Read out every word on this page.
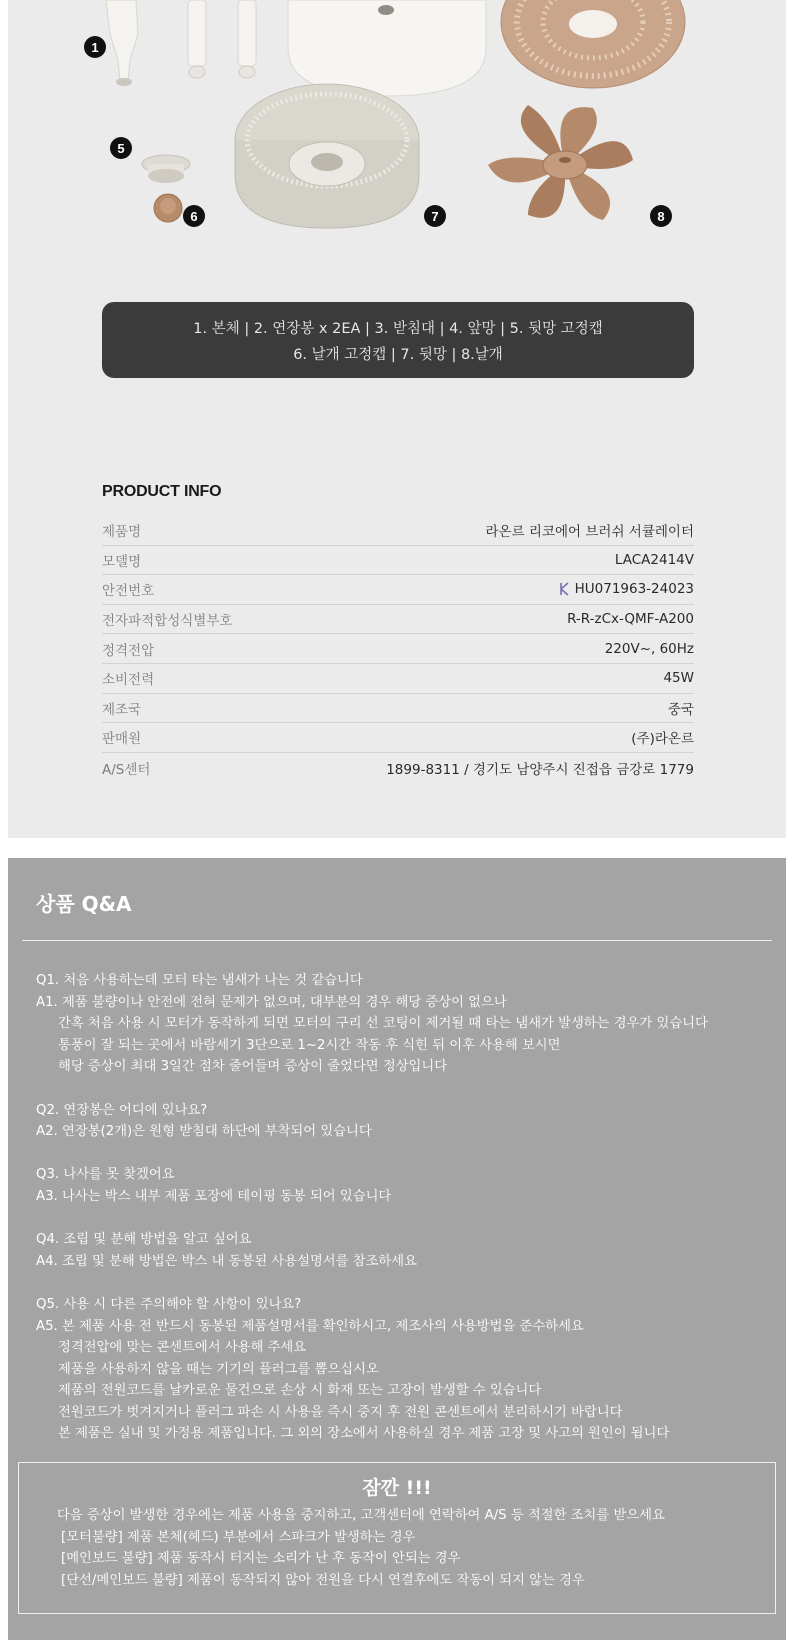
1
5
6	7	8
1. 본체 | 2. 연장봉 x 2EA | 3. 받침대 | 4. 앞망 | 5. 뒷망 고정캡
6. 날개 고정캡 | 7. 뒷망 | 8.날개
PRODUCT INFO
제품명	라온르 리코에어 브러쉬 서큘레이터
모델명	LACA2414V
안전번호	HU071963-24023
전자파적합성식별부호	R-R-zCx-QMF-A200
정격전압	220V~, 60Hz
소비전력	45W
제조국	중국
판매원	(주)라온르
A/S센터	1899-8311 / 경기도 남양주시 진접읍 금강로 1779
상품 Q&A
Q1. 처음 사용하는데 모터 타는 냄새가 나는 것 같습니다
A1. 제품 불량이나 안전에 전혀 문제가 없으며, 대부분의 경우 해당 증상이 없으나
간혹 처음 사용 시 모터가 동작하게 되면 모터의 구리 선 코팅이 제거될 때 타는 냄새가 발생하는 경우가 있습니다
통풍이 잘 되는 곳에서 바람세기 3단으로 1~2시간 작동 후 식힌 뒤 이후 사용해 보시면
해당 증상이 최대 3일간 점차 줄어들며 증상이 줄었다면 정상입니다
Q2. 연장봉은 어디에 있나요?
A2. 연장봉(2개)은 원형 받침대 하단에 부착되어 있습니다
Q3. 나사를 못 찾겠어요
A3. 나사는 박스 내부 제품 포장에 테이핑 동봉 되어 있습니다
Q4. 조립 및 분해 방법을 알고 싶어요
A4. 조립 및 분해 방법은 박스 내 동봉된 사용설명서를 참조하세요
Q5. 사용 시 다른 주의해야 할 사항이 있나요?
A5. 본 제품 사용 전 반드시 동봉된 제품설명서를 확인하시고, 제조사의 사용방법을 준수하세요
정격전압에 맞는 콘센트에서 사용해 주세요
제품을 사용하지 않을 때는 기기의 플러그를 뽑으십시오
제품의 전원코드를 날카로운 물건으로 손상 시 화재 또는 고장이 발생할 수 있습니다
전원코드가 벗겨지거나 플러그 파손 시 사용을 즉시 중지 후 전원 콘센트에서 분리하시기 바랍니다
본 제품은 실내 및 가정용 제품입니다. 그 외의 장소에서 사용하실 경우 제품 고장 및 사고의 원인이 됩니다
잠깐 !!!
다음 증상이 발생한 경우에는 제품 사용을 중지하고, 고객센터에 연락하여 A/S 등 적절한 조치를 받으세요
[모터불량] 제품 본체(헤드) 부분에서 스파크가 발생하는 경우
[메인보드 불량] 제품 동작시 터지는 소리가 난 후 동작이 안되는 경우
[단선/메인보드 불량] 제품이 동작되지 않아 전원을 다시 연결후에도 작동이 되지 않는 경우
